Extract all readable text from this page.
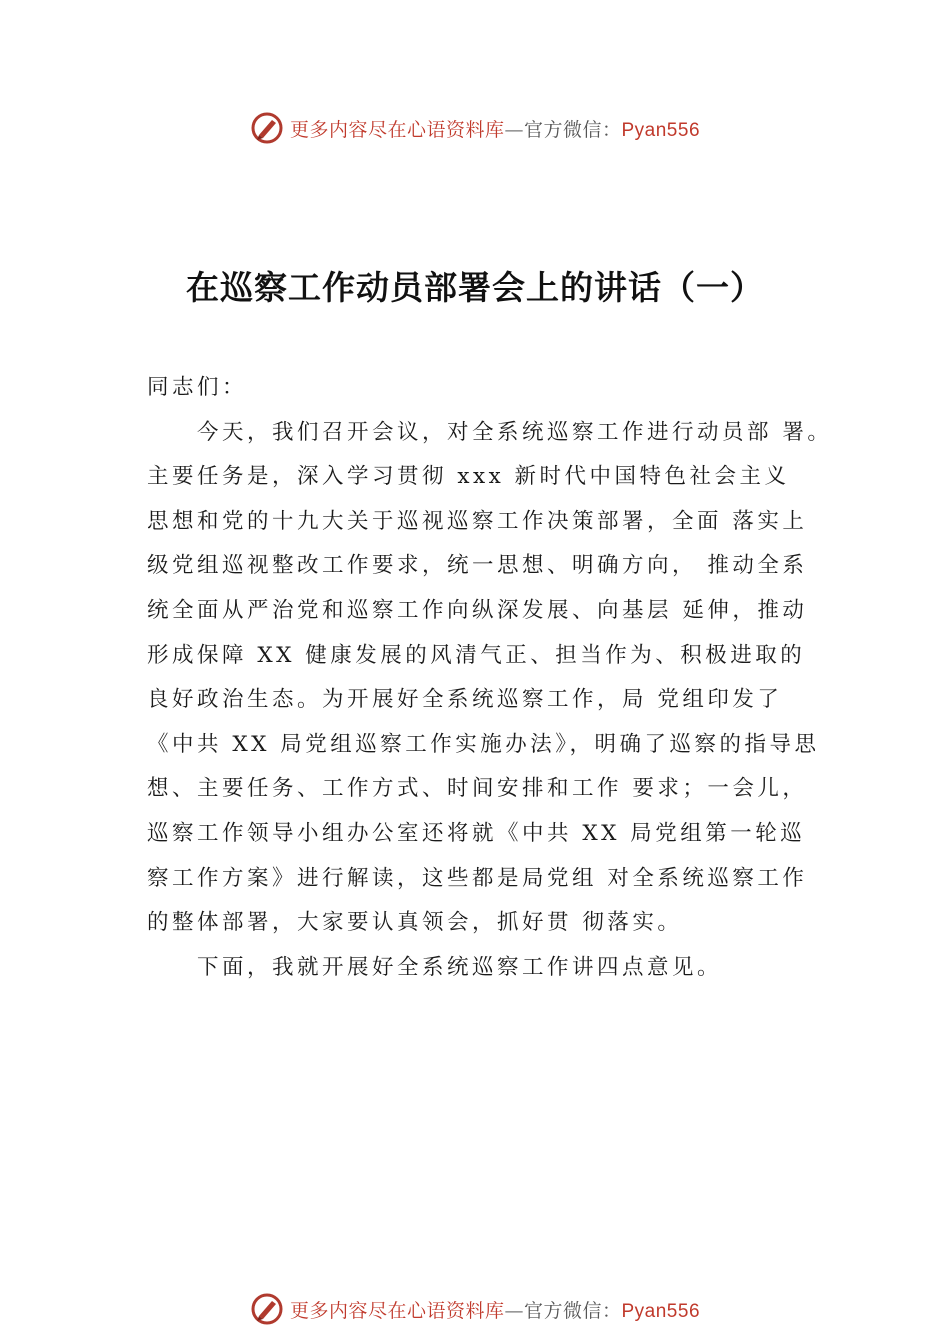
更多内容尽在心语资料库—官方微信：Pyan556
在巡察工作动员部署会上的讲话（一）
同志们：
今天，我们召开会议，对全系统巡察工作进行动员部 署。
主要任务是，深入学习贯彻 xxx 新时代中国特色社会主义
思想和党的十九大关于巡视巡察工作决策部署，全面 落实上
级党组巡视整改工作要求，统一思想、明确方向， 推动全系
统全面从严治党和巡察工作向纵深发展、向基层 延伸，推动
形成保障 XX 健康发展的风清气正、担当作为、积极进取的
良好政治生态。为开展好全系统巡察工作，局 党组印发了
《中共 XX 局党组巡察工作实施办法》，明确了巡察的指导思
想、主要任务、工作方式、时间安排和工作 要求；一会儿，
巡察工作领导小组办公室还将就《中共 XX 局党组第一轮巡
察工作方案》进行解读，这些都是局党组 对全系统巡察工作
的整体部署，大家要认真领会，抓好贯 彻落实。
下面，我就开展好全系统巡察工作讲四点意见。
更多内容尽在心语资料库—官方微信：Pyan556
